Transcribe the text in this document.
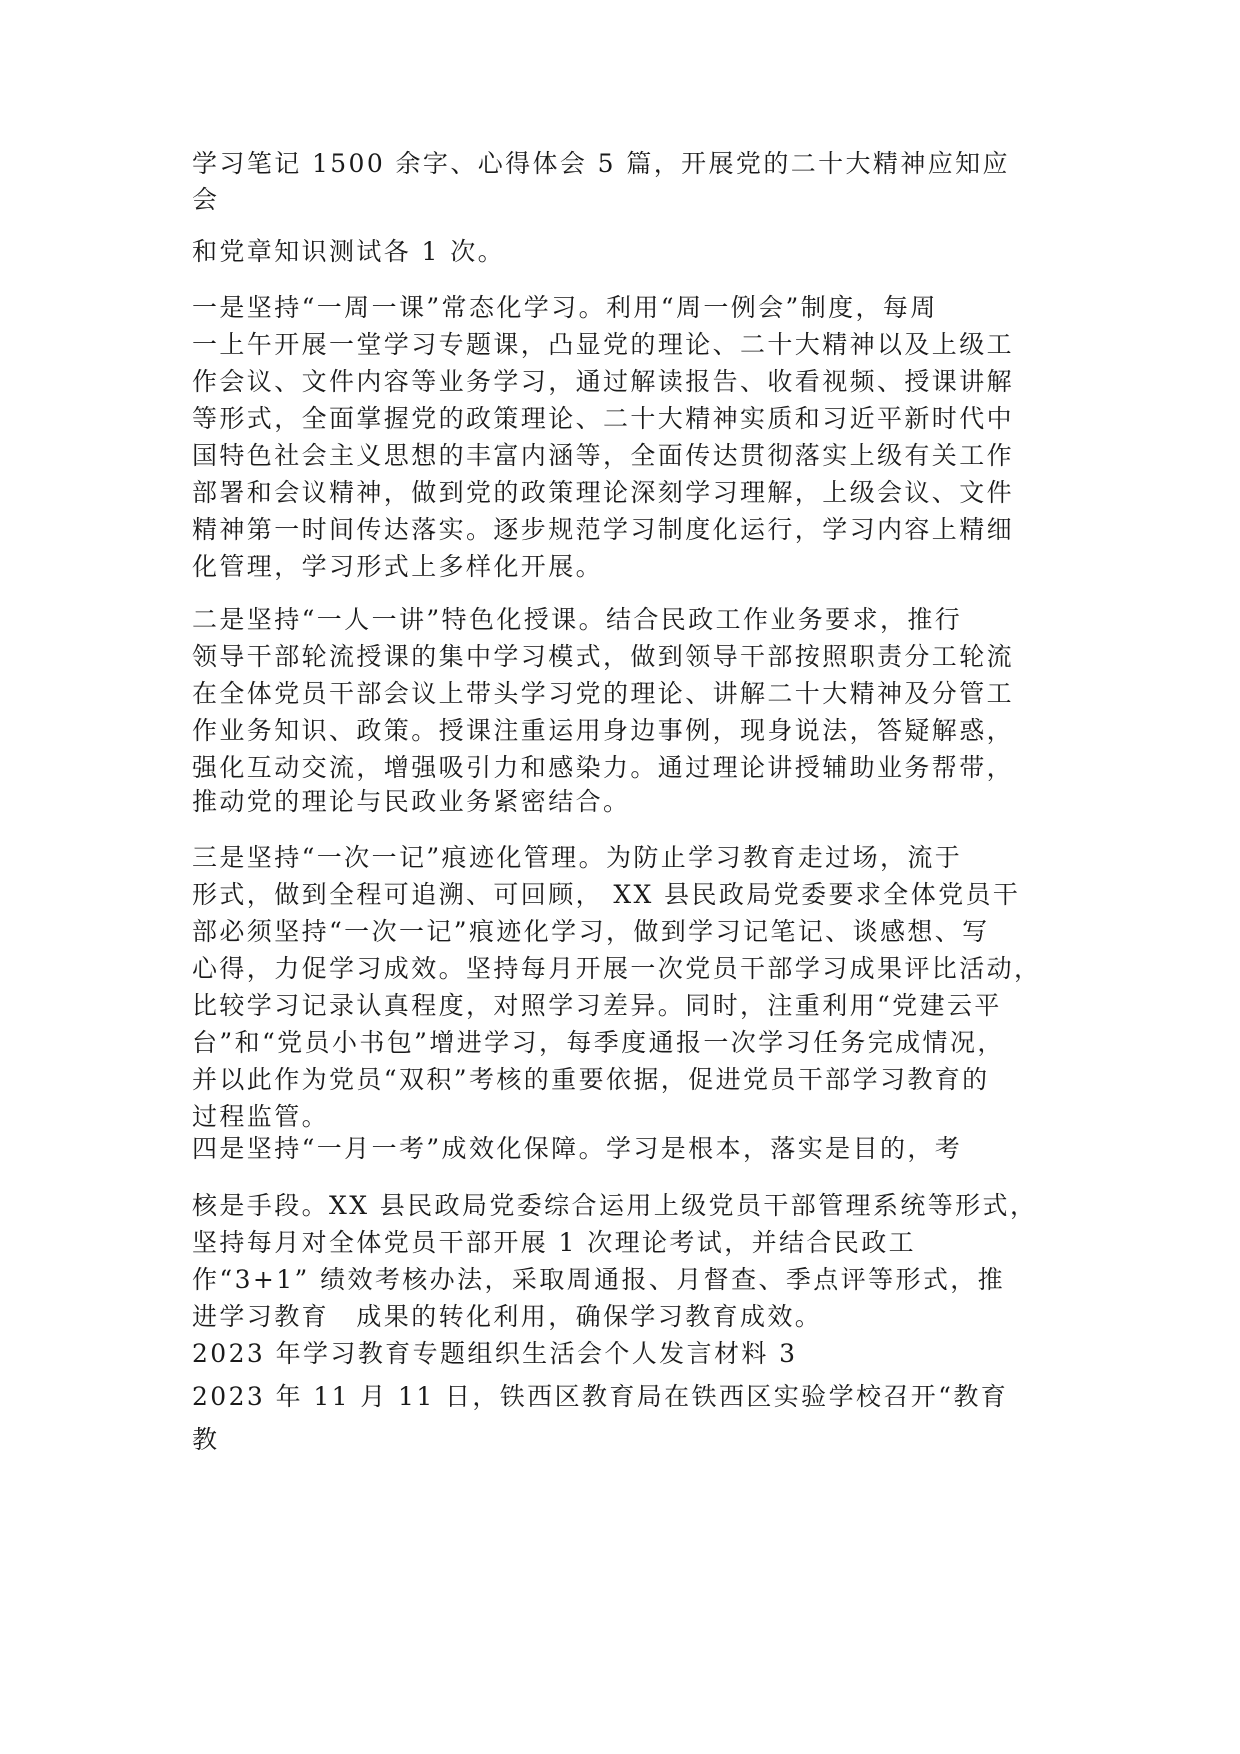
学习笔记 1500 余字、心得体会 5 篇，开展党的二十大精神应知应
会
和党章知识测试各 1 次。
一是坚持“一周一课”常态化学习。利用“周一例会”制度，每周
一上午开展一堂学习专题课，凸显党的理论、二十大精神以及上级工
作会议、文件内容等业务学习，通过解读报告、收看视频、授课讲解
等形式，全面掌握党的政策理论、二十大精神实质和习近平新时代中
国特色社会主义思想的丰富内涵等，全面传达贯彻落实上级有关工作
部署和会议精神，做到党的政策理论深刻学习理解，上级会议、文件
精神第一时间传达落实。逐步规范学习制度化运行，学习内容上精细
化管理，学习形式上多样化开展。
二是坚持“一人一讲”特色化授课。结合民政工作业务要求，推行
领导干部轮流授课的集中学习模式，做到领导干部按照职责分工轮流
在全体党员干部会议上带头学习党的理论、讲解二十大精神及分管工
作业务知识、政策。授课注重运用身边事例，现身说法，答疑解惑，
强化互动交流，增强吸引力和感染力。通过理论讲授辅助业务帮带，
推动党的理论与民政业务紧密结合。
三是坚持“一次一记”痕迹化管理。为防止学习教育走过场，流于
形式，做到全程可追溯、可回顾， XX 县民政局党委要求全体党员干
部必须坚持“一次一记”痕迹化学习，做到学习记笔记、谈感想、写
心得，力促学习成效。坚持每月开展一次党员干部学习成果评比活动，
比较学习记录认真程度，对照学习差异。同时，注重利用“党建云平
台”和“党员小书包”增进学习，每季度通报一次学习任务完成情况，
并以此作为党员“双积”考核的重要依据，促进党员干部学习教育的
过程监管。
四是坚持“一月一考”成效化保障。学习是根本，落实是目的，考
核是手段。XX 县民政局党委综合运用上级党员干部管理系统等形式，
坚持每月对全体党员干部开展 1 次理论考试，并结合民政工
作“3+1” 绩效考核办法，采取周通报、月督查、季点评等形式，推
进学习教育　成果的转化利用，确保学习教育成效。
2023 年学习教育专题组织生活会个人发言材料 3
2023 年 11 月 11 日，铁西区教育局在铁西区实验学校召开“教育
教
